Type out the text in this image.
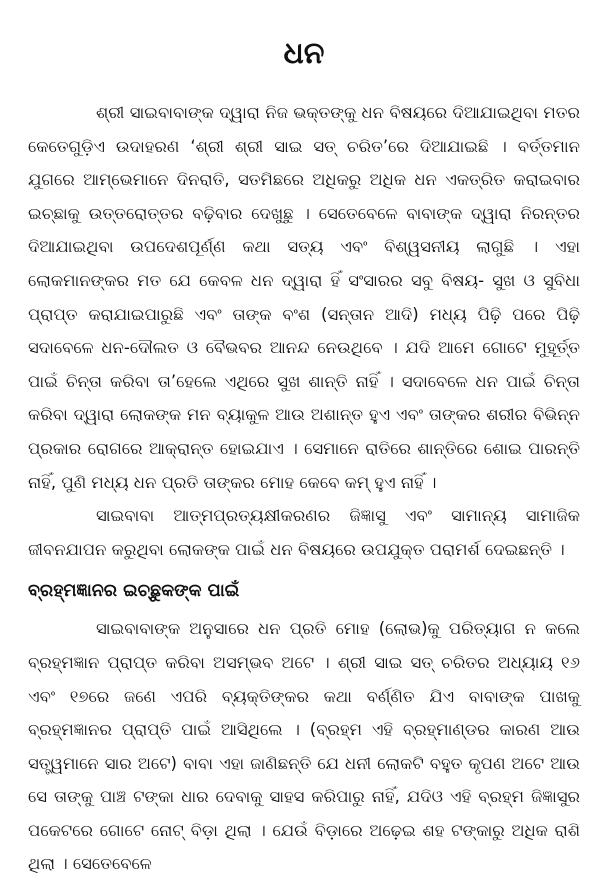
ଧନ

ଶ୍ରୀ ସାଇବାବାଙ୍କ ଦ୍ୱାରା ନିଜ ଭକ୍ତଙ୍କୁ ଧନ ବିଷୟରେ ଦିଆଯାଇଥିବା ମତର କେତେଗୁଡ଼ିଏ ଉଦାହରଣ ‘ଶ୍ରୀ ଶ୍ରୀ ସାଇ ସତ୍ ଚରିତ’ରେ ଦିଆଯାଇଛି । ବର୍ତ୍ତମାନ ଯୁଗରେ ଆମ୍ଭେମାନେ ଦିନରାତି, ସତମିଛରେ ଅଧିକରୁ ଅଧିକ ଧନ ଏକତ୍ରିତ କରାଇବାର ଇଚ୍ଛାକୁ ଉତ୍ତରୋତ୍ତର ବଢ଼ିବାର ଦେଖୁଛୁ । ସେତେବେଳେ ବାବାଙ୍କ ଦ୍ୱାରା ନିରନ୍ତର ଦିଆଯାଇଥିବା ଉପଦେଶପୂର୍ଣ୍ଣ କଥା ସତ୍ୟ ଏବଂ ବିଶ୍ୱସନୀୟ ଲାଗୁଛି । ଏହା ଲୋକମାନଙ୍କର ମତ ଯେ କେବଳ ଧନ ଦ୍ୱାରା ହିଁ ସଂସାରର ସବୁ ବିଷୟ- ସୁଖ ଓ ସୁବିଧା ପ୍ରାପ୍ତ କରାଯାଇପାରୁଛି ଏବଂ ତାଙ୍କ ବଂଶ (ସନ୍ତାନ ଆଦି) ମଧ୍ୟ ପିଢ଼ି ପରେ ପିଢ଼ି ସଦାବେଳେ ଧନ-ଦୌଲତ ଓ ବୈଭବର ଆନନ୍ଦ ନେଉଥିବେ । ଯଦି ଆମେ ଗୋଟେ ମୁହୂର୍ତ୍ତ ପାଇଁ ଚିନ୍ତା କରିବା ତା’ହେଲେ ଏଥିରେ ସୁଖ ଶାନ୍ତି ନାହିଁ । ସଦାବେଳେ ଧନ ପାଇଁ ଚିନ୍ତା କରିବା ଦ୍ୱାରା ଲୋକଙ୍କ ମନ ବ୍ୟାକୁଳ ଆଉ ଅଶାନ୍ତ ହୁଏ ଏବଂ ତାଙ୍କର ଶରୀର ବିଭିନ୍ନ ପ୍ରକାର ରୋଗରେ ଆକ୍ରାନ୍ତ ହୋଇଯାଏ । ସେମାନେ ରାତିରେ ଶାନ୍ତିରେ ଶୋଇ ପାରନ୍ତି ନାହିଁ, ପୁଣି ମଧ୍ୟ ଧନ ପ୍ରତି ତାଙ୍କର ମୋହ କେବେ କମ୍ ହୁଏ ନାହିଁ ।

ସାଇବାବା ଆତ୍ମପ୍ରତ୍ୟକ୍ଷୀକରଣର ଜିଜ୍ଞାସୁ ଏବଂ ସାମାନ୍ୟ ସାମାଜିକ ଜୀବନଯାପନ କରୁଥିବା ଲୋକଙ୍କ ପାଇଁ ଧନ ବିଷୟରେ ଉପଯୁକ୍ତ ପରାମର୍ଶ ଦେଇଛନ୍ତି ।

ବ୍ରହ୍ମଜ୍ଞାନର ଇଚ୍ଛୁକଙ୍କ ପାଇଁ

ସାଇବାବାଙ୍କ ଅନୁସାରେ ଧନ ପ୍ରତି ମୋହ (ଲୋଭ)କୁ ପରିତ୍ୟାଗ ନ କଲେ ବ୍ରହ୍ମଜ୍ଞାନ ପ୍ରାପ୍ତ କରିବା ଅସମ୍ଭବ ଅଟେ । ଶ୍ରୀ ସାଇ ସତ୍ ଚରିତର ଅଧ୍ୟାୟ ୧୬ ଏବଂ ୧୭ରେ ଜଣେ ଏପରି ବ୍ୟକ୍ତିଙ୍କର କଥା ବର୍ଣ୍ଣିତ ଯିଏ ବାବାଙ୍କ ପାଖକୁ ବ୍ରହ୍ମଜ୍ଞାନର ପ୍ରାପ୍ତି ପାଇଁ ଆସିଥିଲେ । (ବ୍ରହ୍ମ ଏହି ବ୍ରହ୍ମାଣ୍ଡର କାରଣ ଆଉ ସତ୍ତ୍ୱମାନେ ସାର ଅଟେ) ବାବା ଏହା ଜାଣିଛନ୍ତି ଯେ ଧନୀ ଲୋକଟି ବହୁତ କୃପଣ ଅଟେ ଆଉ ସେ ତାଙ୍କୁ ପାଞ୍ଚ ଟଙ୍କା ଧାର ଦେବାକୁ ସାହସ କରିପାରୁ ନାହିଁ, ଯଦିଓ ଏହି ବ୍ରହ୍ମ ଜିଜ୍ଞାସୁର ପକେଟରେ ଗୋଟେ ନୋଟ୍ ବିଡ଼ା ଥିଲା । ଯେଉଁ ବିଡ଼ାରେ ଅଢ଼େଇ ଶହ ଟଙ୍କାରୁ ଅଧିକ ରାଶି ଥିଲା । ସେତେବେଳେ
